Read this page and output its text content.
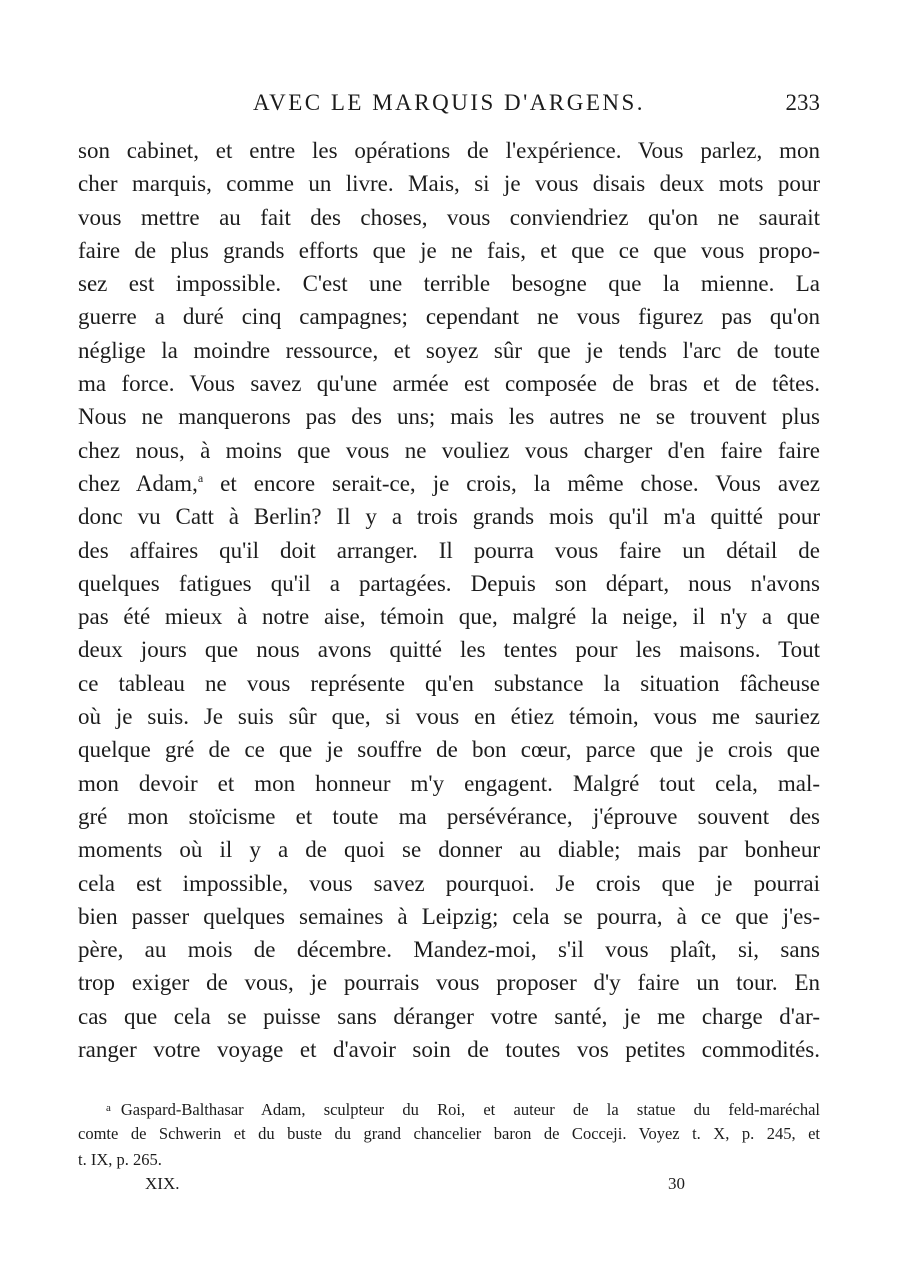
AVEC LE MARQUIS D'ARGENS.	233
son cabinet, et entre les opérations de l'expérience. Vous parlez, mon
cher marquis, comme un livre. Mais, si je vous disais deux mots pour
vous mettre au fait des choses, vous conviendriez qu'on ne saurait
faire de plus grands efforts que je ne fais, et que ce que vous propo-
sez est impossible. C'est une terrible besogne que la mienne. La
guerre a duré cinq campagnes; cependant ne vous figurez pas qu'on
néglige la moindre ressource, et soyez sûr que je tends l'arc de toute
ma force. Vous savez qu'une armée est composée de bras et de têtes.
Nous ne manquerons pas des uns; mais les autres ne se trouvent plus
chez nous, à moins que vous ne vouliez vous charger d'en faire faire
chez Adam,$^a$ et encore serait-ce, je crois, la même chose. Vous avez
donc vu Catt à Berlin? Il y a trois grands mois qu'il m'a quitté pour
des affaires qu'il doit arranger. Il pourra vous faire un détail de
quelques fatigues qu'il a partagées. Depuis son départ, nous n'avons
pas été mieux à notre aise, témoin que, malgré la neige, il n'y a que
deux jours que nous avons quitté les tentes pour les maisons. Tout
ce tableau ne vous représente qu'en substance la situation fâcheuse
où je suis. Je suis sûr que, si vous en étiez témoin, vous me sauriez
quelque gré de ce que je souffre de bon cœur, parce que je crois que
mon devoir et mon honneur m'y engagent. Malgré tout cela, mal-
gré mon stoïcisme et toute ma persévérance, j'éprouve souvent des
moments où il y a de quoi se donner au diable; mais par bonheur
cela est impossible, vous savez pourquoi. Je crois que je pourrai
bien passer quelques semaines à Leipzig; cela se pourra, à ce que j'es-
père, au mois de décembre. Mandez-moi, s'il vous plaît, si, sans
trop exiger de vous, je pourrais vous proposer d'y faire un tour. En
cas que cela se puisse sans déranger votre santé, je me charge d'ar-
ranger votre voyage et d'avoir soin de toutes vos petites commodités.
$^a$ Gaspard-Balthasar Adam, sculpteur du Roi, et auteur de la statue du feld-maréchal
comte de Schwerin et du buste du grand chancelier baron de Cocceji. Voyez t. X, p. 245, et
t. IX, p. 265.
XIX.	30
